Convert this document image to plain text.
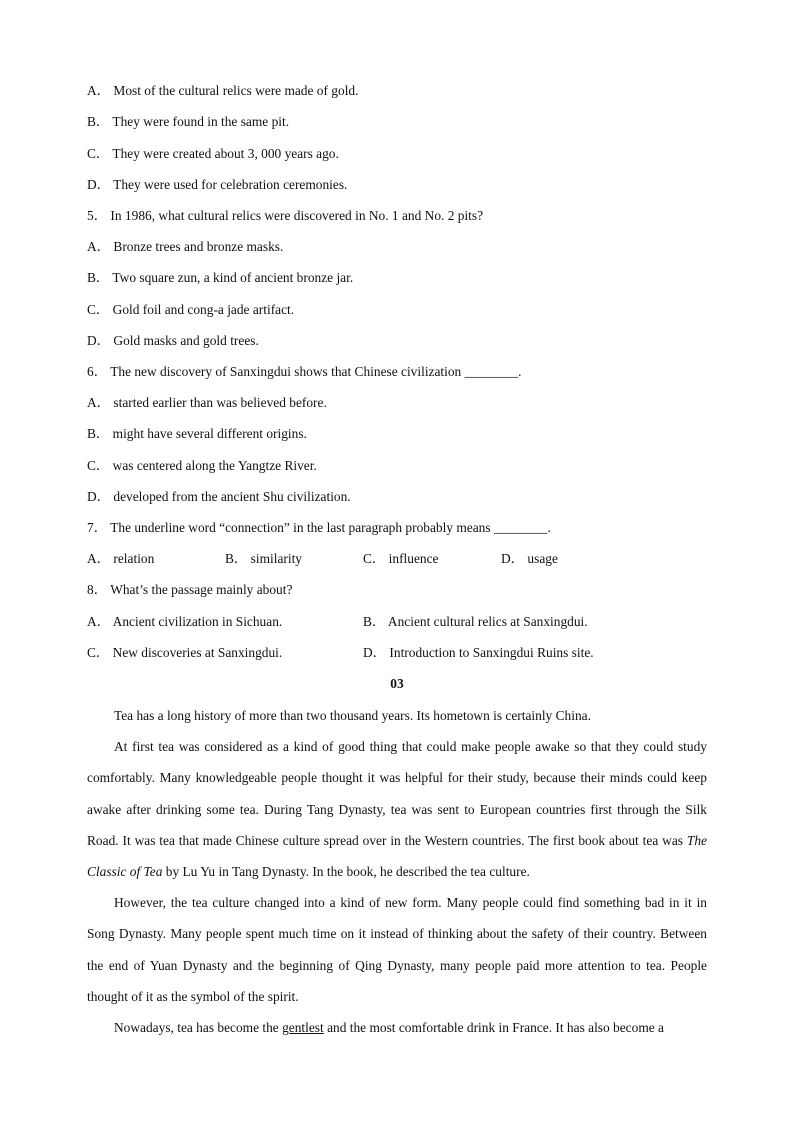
A． Most of the cultural relics were made of gold.
B． They were found in the same pit.
C． They were created about 3, 000 years ago.
D． They were used for celebration ceremonies.
5． In 1986, what cultural relics were discovered in No. 1 and No. 2 pits?
A． Bronze trees and bronze masks.
B． Two square zun, a kind of ancient bronze jar.
C． Gold foil and cong-a jade artifact.
D． Gold masks and gold trees.
6． The new discovery of Sanxingdui shows that Chinese civilization ________.
A． started earlier than was believed before.
B． might have several different origins.
C． was centered along the Yangtze River.
D． developed from the ancient Shu civilization.
7． The underline word “connection” in the last paragraph probably means ________.
A． relation	B． similarity	C． influence	D． usage
8． What’s the passage mainly about?
A． Ancient civilization in Sichuan.	B． Ancient cultural relics at Sanxingdui.
C． New discoveries at Sanxingdui.	D． Introduction to Sanxingdui Ruins site.
03

Tea has a long history of more than two thousand years. Its hometown is certainly China.

At first tea was considered as a kind of good thing that could make people awake so that they could study comfortably. Many knowledgeable people thought it was helpful for their study, because their minds could keep awake after drinking some tea. During Tang Dynasty, tea was sent to European countries first through the Silk Road. It was tea that made Chinese culture spread over in the Western countries. The first book about tea was The Classic of Tea by Lu Yu in Tang Dynasty. In the book, he described the tea culture.

However, the tea culture changed into a kind of new form. Many people could find something bad in it in Song Dynasty. Many people spent much time on it instead of thinking about the safety of their country. Between the end of Yuan Dynasty and the beginning of Qing Dynasty, many people paid more attention to tea. People thought of it as the symbol of the spirit.

Nowadays, tea has become the gentlest and the most comfortable drink in France. It has also become a
